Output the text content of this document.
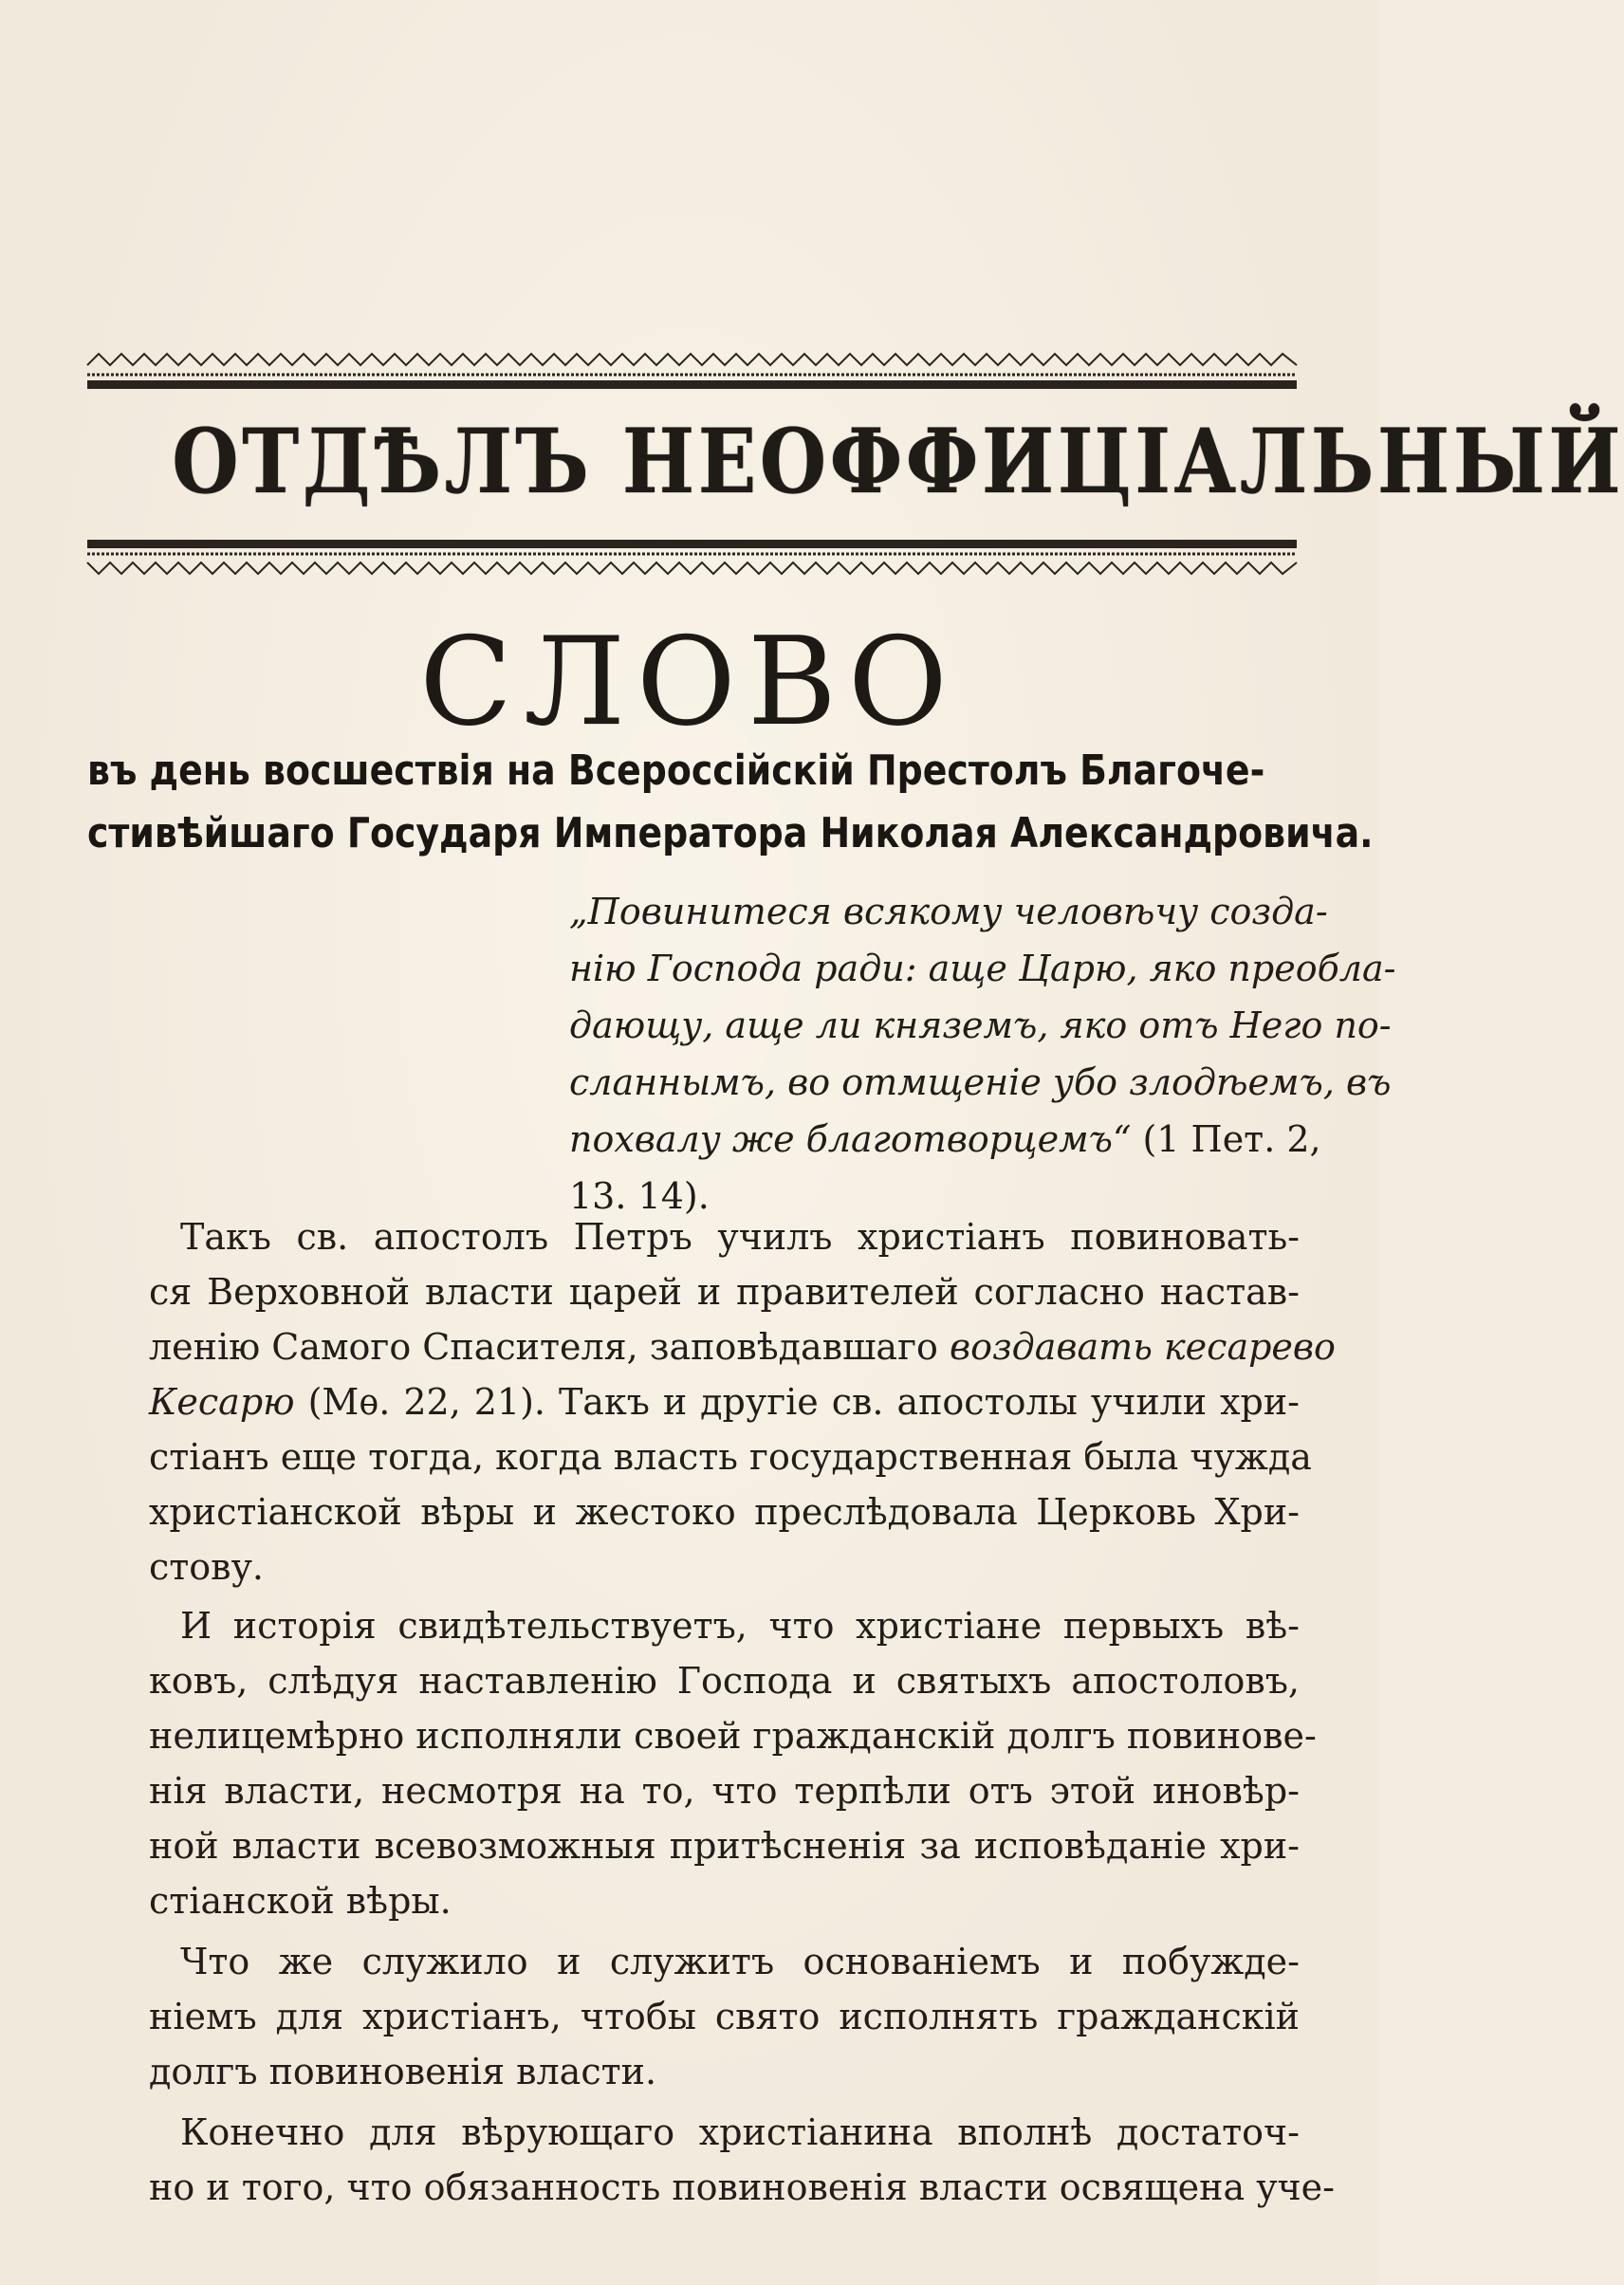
ОТДѢЛЪ НЕОФФИЦІАЛЬНЫЙ
СЛОВО
въ день восшествія на Всероссійскій Престолъ Благоче-
стивѣйшаго Государя Императора Николая Александровича.
„Повинитеся всякому человѣчу созда-
нію Господа ради: аще Царю, яко преобла-
дающу, аще ли княземъ, яко отъ Него по-
сланнымъ, во отмщеніе убо злодѣемъ, въ
похвалу же благотворцемъ“ (1 Пет. 2,
13. 14).
Такъ св. апостолъ Петръ училъ христіанъ повиновать-
ся Верховной власти царей и правителей согласно настав-
ленію Самого Спасителя, заповѣдавшаго воздавать кесарево
Кесарю (Мѳ. 22, 21). Такъ и другіе св. апостолы учили хри-
стіанъ еще тогда, когда власть государственная была чужда
христіанской вѣры и жестоко преслѣдовала Церковь Хри-
стову.
И исторія свидѣтельствуетъ, что христіане первыхъ вѣ-
ковъ, слѣдуя наставленію Господа и святыхъ апостоловъ,
нелицемѣрно исполняли своей гражданскій долгъ повинове-
нія власти, несмотря на то, что терпѣли отъ этой иновѣр-
ной власти всевозможныя притѣсненія за исповѣданіе хри-
стіанской вѣры.
Что же служило и служитъ основаніемъ и побужде-
ніемъ для христіанъ, чтобы свято исполнять гражданскій
долгъ повиновенія власти.
Конечно для вѣрующаго христіанина вполнѣ достаточ-
но и того, что обязанность повиновенія власти освящена уче-
